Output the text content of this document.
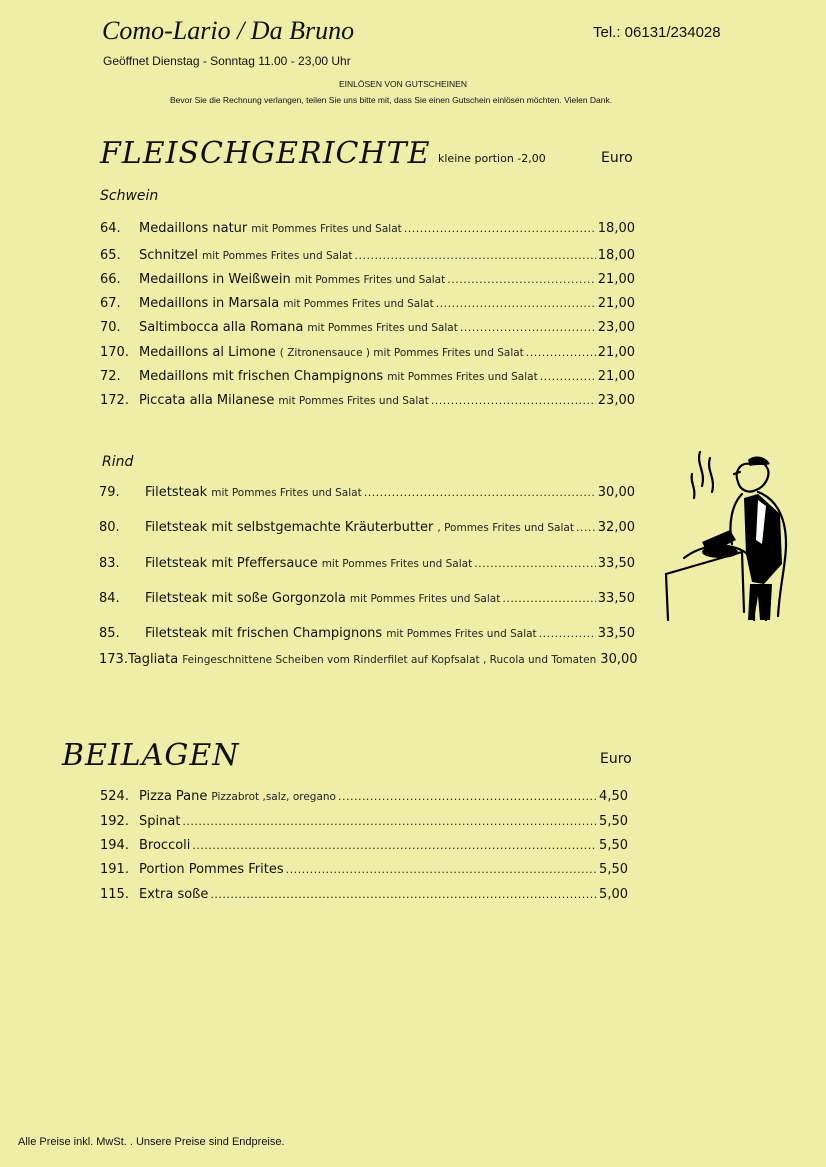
Como-Lario / Da Bruno	Tel.: 06131/234028
Geöffnet Dienstag - Sonntag 11.00 - 23,00 Uhr
EINLÖSEN VON GUTSCHEINEN
Bevor Sie die Rechnung verlangen, teilen Sie uns bitte mit, dass Sie einen Gutschein einlösen möchten. Vielen Dank.
FLEISCHGERICHTE kleine portion -2,00	Euro
Schwein
64.	Medaillons natur mit Pommes Frites und Salat . . .	18,00
65.	Schnitzel mit Pommes Frites und Salat . . .	18,00
66.	Medaillons in Weißwein mit Pommes Frites und Salat . . .	21,00
67.	Medaillons in Marsala mit Pommes Frites und Salat . . .	21,00
70.	Saltimbocca alla Romana mit Pommes Frites und Salat . . .	23,00
170. Medaillons al Limone ( Zitronensauce ) mit Pommes Frites und Salat . . .	21,00
72.	Medaillons mit frischen Champignons mit Pommes Frites und Salat . . .	21,00
172. Piccata alla Milanese mit Pommes Frites und Salat . . .	23,00
Rind
79.	Filetsteak mit Pommes Frites und Salat . . .	30,00
80.	Filetsteak mit selbstgemachte Kräuterbutter , Pommes Frites und Salat . . . 32,00
83.	Filetsteak mit Pfeffersauce mit Pommes Frites und Salat . . .	33,50
84.	Filetsteak mit soße Gorgonzola mit Pommes Frites und Salat . . .	33,50
85.	Filetsteak mit frischen Champignons mit Pommes Frites und Salat . . .	33,50
173. Tagliata Feingeschnittene Scheiben vom Rinderfilet auf Kopfsalat , Rucola und Tomaten 30,00
BEILAGEN	Euro
524. Pizza Pane Pizzabrot ,salz, oregano . . .	4,50
192. Spinat . . .	5,50
194. Broccoli . . .	5,50
191. Portion Pommes Frites . . .	5,50
115. Extra soße . . .	5,00
Alle Preise inkl. MwSt. . Unsere Preise sind Endpreise.
